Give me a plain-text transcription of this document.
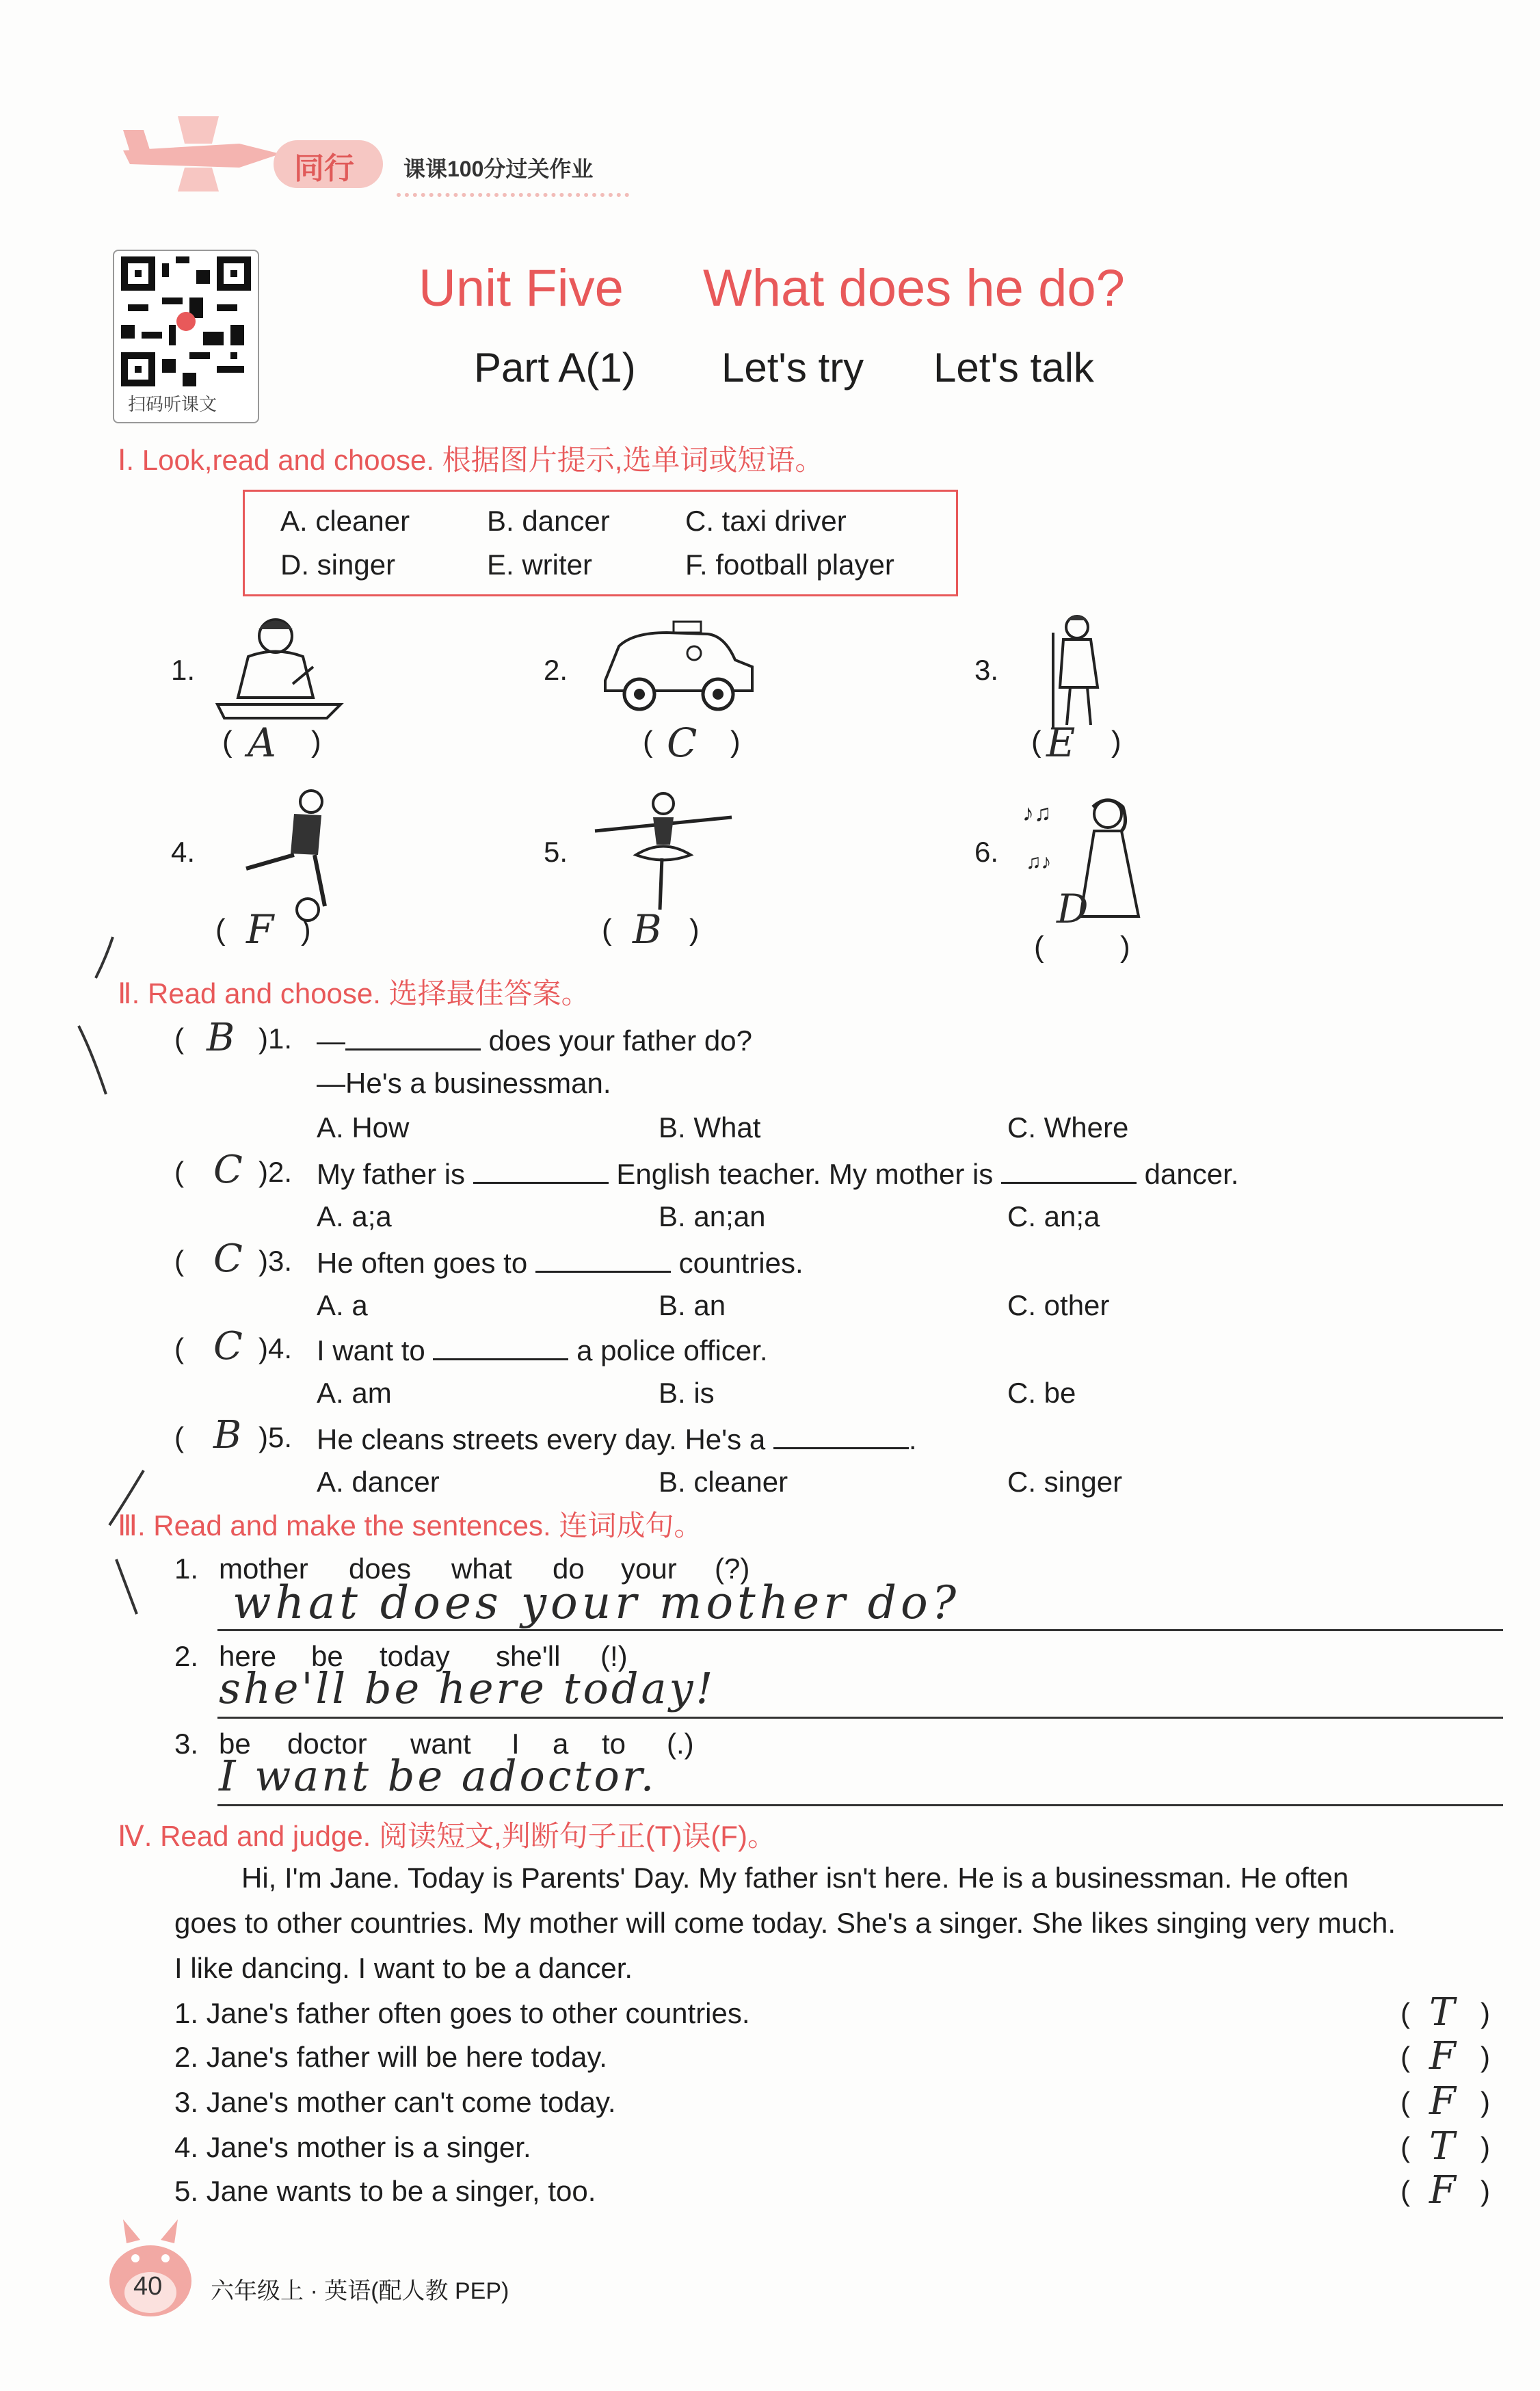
同行 课课100分过关作业
扫码听课文
Unit Five What does he do?
Part A(1) Let's try Let's talk
Ⅰ. Look,read and choose. 根据图片提示,选单词或短语。
A. cleaner	B. dancer	C. taxi driver
D. singer	E. writer	F. football player
1.
( A )
2.
( C )
3.
( E )
4.
( F )
5.
( B )
6.
♪♫
♫♪
D
(	)
Ⅱ. Read and choose. 选择最佳答案。
( B )1. —	does your father do?
—He's a businessman.
A. How	B. What	C. Where
( C )2. My father is	English teacher. My mother is	dancer.
A. a;a	B. an;an	C. an;a
( C )3. He often goes to	countries.
A. a	B. an	C. other
( C )4. I want to	a police officer.
A. am	B. is	C. be
( B )5. He cleans streets every day. He's a	.
A. dancer	B. cleaner	C. singer
Ⅲ. Read and make the sentences. 连词成句。
1. mother does what do your (?)
what does your mother do?
2. here be today she'll (!)
she'll be here today!
3. be doctor want I a to (.)
I want be adoctor.
Ⅳ. Read and judge. 阅读短文,判断句子正(T)误(F)。
Hi, I'm Jane. Today is Parents' Day. My father isn't here. He is a businessman. He often
goes to other countries. My mother will come today. She's a singer. She likes singing very much.
I like dancing. I want to be a dancer.
1. Jane's father often goes to other countries.	( T )
2. Jane's father will be here today.	( F )
3. Jane's mother can't come today.	( F )
4. Jane's mother is a singer.	( T )
5. Jane wants to be a singer, too.	( F )
40 六年级上 · 英语(配人教 PEP)
